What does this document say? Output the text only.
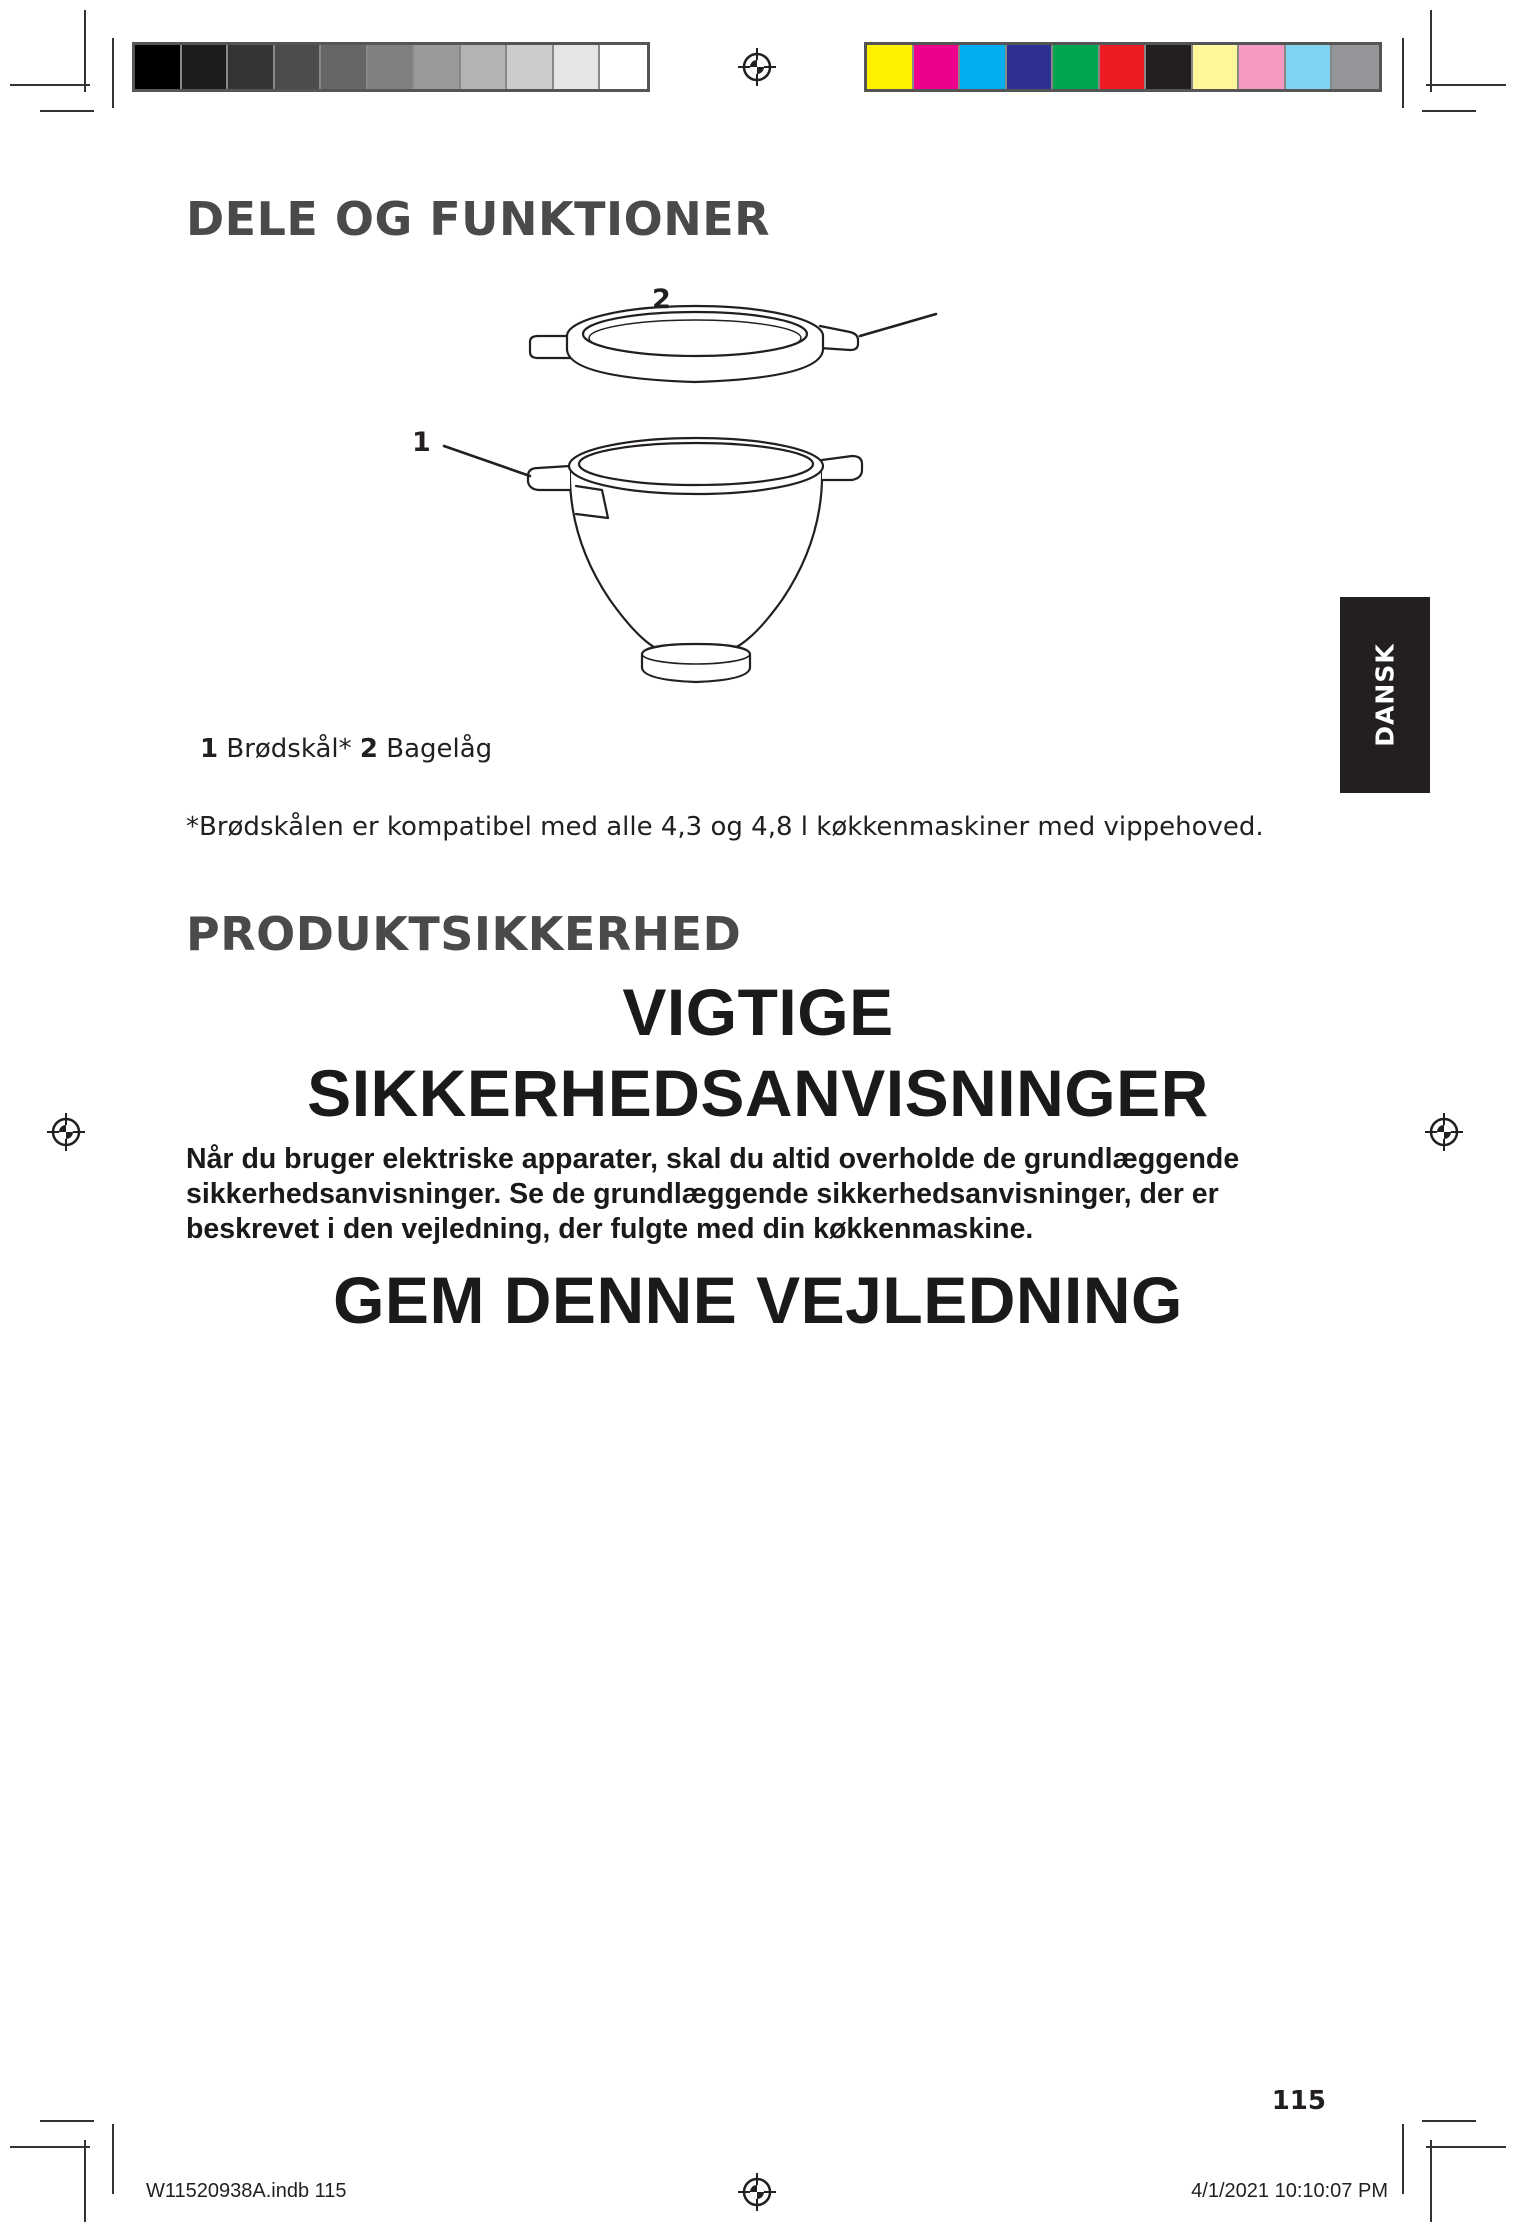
DELE OG FUNKTIONER
2
1
1 Brødskål* 2 Bagelåg
*Brødskålen er kompatibel med alle 4,3 og 4,8 l køkkenmaskiner med vippehoved.
PRODUKTSIKKERHED
VIGTIGE
SIKKERHEDSANVISNINGER
Når du bruger elektriske apparater, skal du altid overholde de grundlæggende sikkerhedsanvisninger. Se de grundlæggende sikkerhedsanvisninger, der er beskrevet i den vejledning, der fulgte med din køkkenmaskine.
GEM DENNE VEJLEDNING
DANSK
115
W11520938A.indb 115	4/1/2021 10:10:07 PM
